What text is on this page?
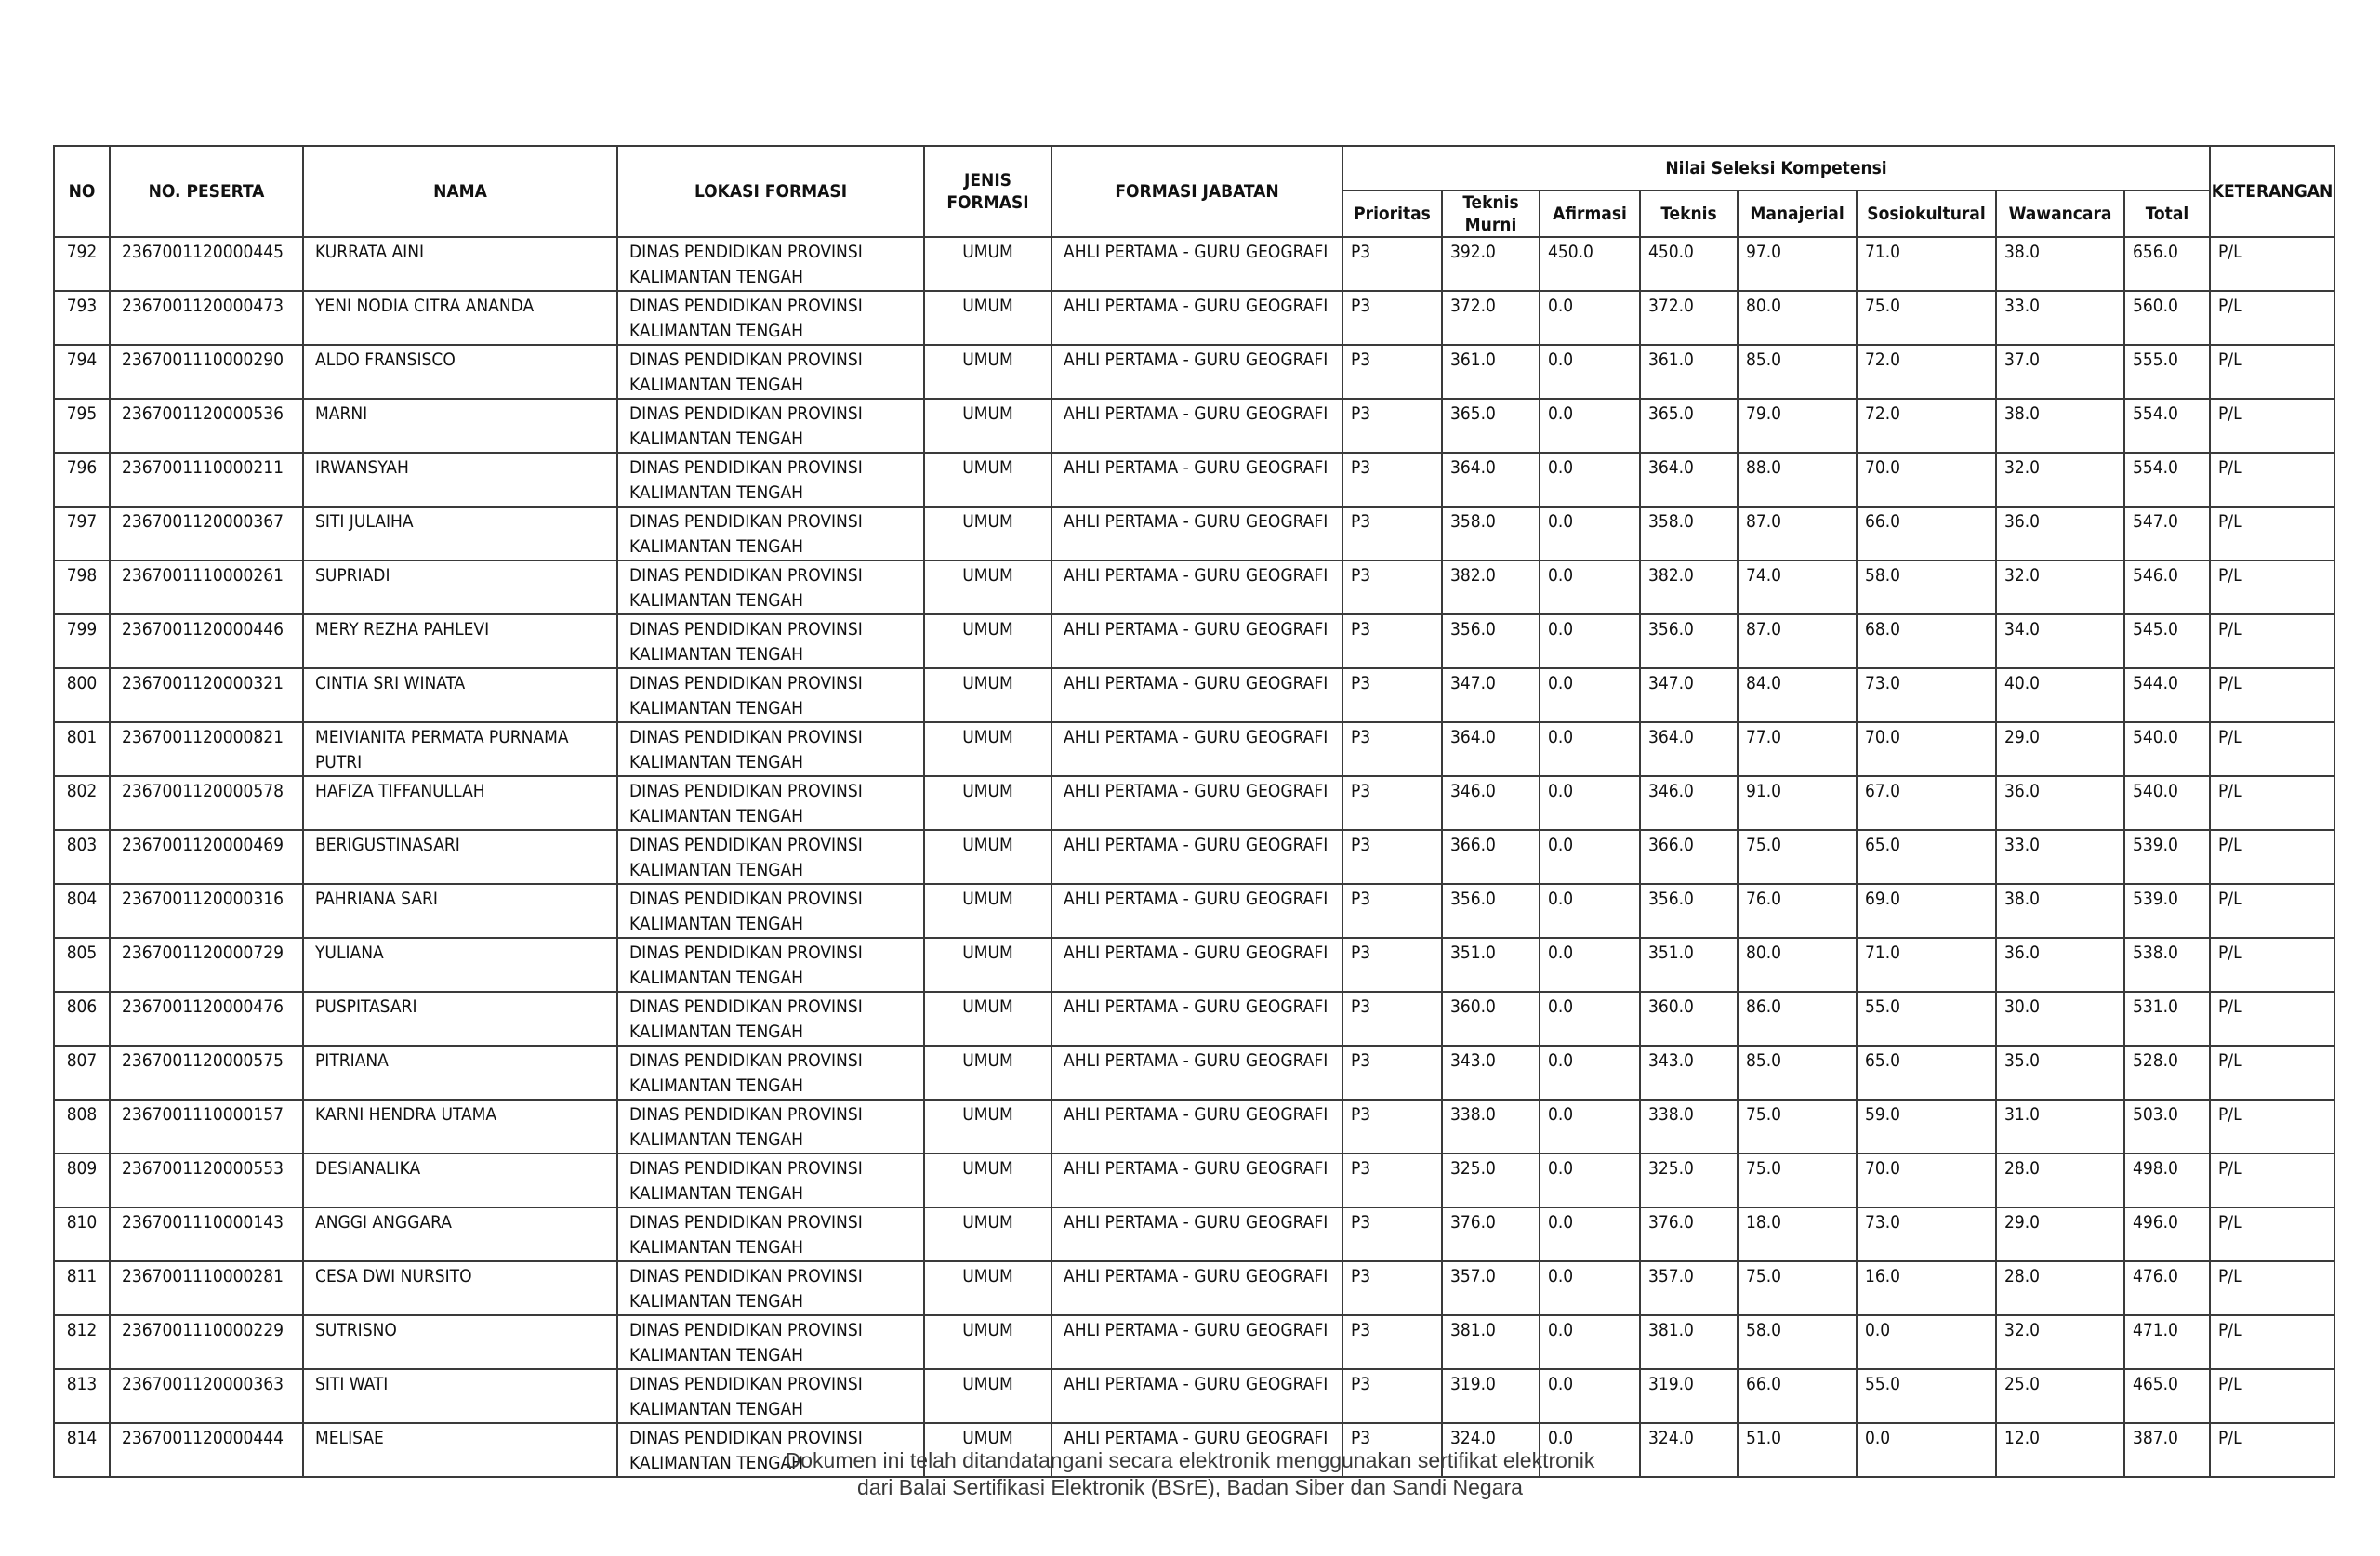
NO	NO. PESERTA	NAMA	LOKASI FORMASI	JENIS FORMASI	FORMASI JABATAN	Nilai Seleksi Kompetensi								KETERANGAN
						Prioritas	Teknis Murni	Afirmasi	Teknis	Manajerial	Sosiokultural	Wawancara	Total	
792	2367001120000445	KURRATA AINI	DINAS PENDIDIKAN PROVINSI KALIMANTAN TENGAH	UMUM	AHLI PERTAMA - GURU GEOGRAFI	P3	392.0	450.0	450.0	97.0	71.0	38.0	656.0	P/L
793	2367001120000473	YENI NODIA CITRA ANANDA	DINAS PENDIDIKAN PROVINSI KALIMANTAN TENGAH	UMUM	AHLI PERTAMA - GURU GEOGRAFI	P3	372.0	0.0	372.0	80.0	75.0	33.0	560.0	P/L
794	2367001110000290	ALDO FRANSISCO	DINAS PENDIDIKAN PROVINSI KALIMANTAN TENGAH	UMUM	AHLI PERTAMA - GURU GEOGRAFI	P3	361.0	0.0	361.0	85.0	72.0	37.0	555.0	P/L
795	2367001120000536	MARNI	DINAS PENDIDIKAN PROVINSI KALIMANTAN TENGAH	UMUM	AHLI PERTAMA - GURU GEOGRAFI	P3	365.0	0.0	365.0	79.0	72.0	38.0	554.0	P/L
796	2367001110000211	IRWANSYAH	DINAS PENDIDIKAN PROVINSI KALIMANTAN TENGAH	UMUM	AHLI PERTAMA - GURU GEOGRAFI	P3	364.0	0.0	364.0	88.0	70.0	32.0	554.0	P/L
797	2367001120000367	SITI JULAIHA	DINAS PENDIDIKAN PROVINSI KALIMANTAN TENGAH	UMUM	AHLI PERTAMA - GURU GEOGRAFI	P3	358.0	0.0	358.0	87.0	66.0	36.0	547.0	P/L
798	2367001110000261	SUPRIADI	DINAS PENDIDIKAN PROVINSI KALIMANTAN TENGAH	UMUM	AHLI PERTAMA - GURU GEOGRAFI	P3	382.0	0.0	382.0	74.0	58.0	32.0	546.0	P/L
799	2367001120000446	MERY REZHA PAHLEVI	DINAS PENDIDIKAN PROVINSI KALIMANTAN TENGAH	UMUM	AHLI PERTAMA - GURU GEOGRAFI	P3	356.0	0.0	356.0	87.0	68.0	34.0	545.0	P/L
800	2367001120000321	CINTIA SRI WINATA	DINAS PENDIDIKAN PROVINSI KALIMANTAN TENGAH	UMUM	AHLI PERTAMA - GURU GEOGRAFI	P3	347.0	0.0	347.0	84.0	73.0	40.0	544.0	P/L
801	2367001120000821	MEIVIANITA PERMATA PURNAMA PUTRI	DINAS PENDIDIKAN PROVINSI KALIMANTAN TENGAH	UMUM	AHLI PERTAMA - GURU GEOGRAFI	P3	364.0	0.0	364.0	77.0	70.0	29.0	540.0	P/L
802	2367001120000578	HAFIZA TIFFANULLAH	DINAS PENDIDIKAN PROVINSI KALIMANTAN TENGAH	UMUM	AHLI PERTAMA - GURU GEOGRAFI	P3	346.0	0.0	346.0	91.0	67.0	36.0	540.0	P/L
803	2367001120000469	BERIGUSTINASARI	DINAS PENDIDIKAN PROVINSI KALIMANTAN TENGAH	UMUM	AHLI PERTAMA - GURU GEOGRAFI	P3	366.0	0.0	366.0	75.0	65.0	33.0	539.0	P/L
804	2367001120000316	PAHRIANA SARI	DINAS PENDIDIKAN PROVINSI KALIMANTAN TENGAH	UMUM	AHLI PERTAMA - GURU GEOGRAFI	P3	356.0	0.0	356.0	76.0	69.0	38.0	539.0	P/L
805	2367001120000729	YULIANA	DINAS PENDIDIKAN PROVINSI KALIMANTAN TENGAH	UMUM	AHLI PERTAMA - GURU GEOGRAFI	P3	351.0	0.0	351.0	80.0	71.0	36.0	538.0	P/L
806	2367001120000476	PUSPITASARI	DINAS PENDIDIKAN PROVINSI KALIMANTAN TENGAH	UMUM	AHLI PERTAMA - GURU GEOGRAFI	P3	360.0	0.0	360.0	86.0	55.0	30.0	531.0	P/L
807	2367001120000575	PITRIANA	DINAS PENDIDIKAN PROVINSI KALIMANTAN TENGAH	UMUM	AHLI PERTAMA - GURU GEOGRAFI	P3	343.0	0.0	343.0	85.0	65.0	35.0	528.0	P/L
808	2367001110000157	KARNI HENDRA UTAMA	DINAS PENDIDIKAN PROVINSI KALIMANTAN TENGAH	UMUM	AHLI PERTAMA - GURU GEOGRAFI	P3	338.0	0.0	338.0	75.0	59.0	31.0	503.0	P/L
809	2367001120000553	DESIANALIKA	DINAS PENDIDIKAN PROVINSI KALIMANTAN TENGAH	UMUM	AHLI PERTAMA - GURU GEOGRAFI	P3	325.0	0.0	325.0	75.0	70.0	28.0	498.0	P/L
810	2367001110000143	ANGGI ANGGARA	DINAS PENDIDIKAN PROVINSI KALIMANTAN TENGAH	UMUM	AHLI PERTAMA - GURU GEOGRAFI	P3	376.0	0.0	376.0	18.0	73.0	29.0	496.0	P/L
811	2367001110000281	CESA DWI NURSITO	DINAS PENDIDIKAN PROVINSI KALIMANTAN TENGAH	UMUM	AHLI PERTAMA - GURU GEOGRAFI	P3	357.0	0.0	357.0	75.0	16.0	28.0	476.0	P/L
812	2367001110000229	SUTRISNO	DINAS PENDIDIKAN PROVINSI KALIMANTAN TENGAH	UMUM	AHLI PERTAMA - GURU GEOGRAFI	P3	381.0	0.0	381.0	58.0	0.0	32.0	471.0	P/L
813	2367001120000363	SITI WATI	DINAS PENDIDIKAN PROVINSI KALIMANTAN TENGAH	UMUM	AHLI PERTAMA - GURU GEOGRAFI	P3	319.0	0.0	319.0	66.0	55.0	25.0	465.0	P/L
814	2367001120000444	MELISAE	DINAS PENDIDIKAN PROVINSI KALIMANTAN TENGAH	UMUM	AHLI PERTAMA - GURU GEOGRAFI	P3	324.0	0.0	324.0	51.0	0.0	12.0	387.0	P/L
Dokumen ini telah ditandatangani secara elektronik menggunakan sertifikat elektronik
dari Balai Sertifikasi Elektronik (BSrE), Badan Siber dan Sandi Negara
